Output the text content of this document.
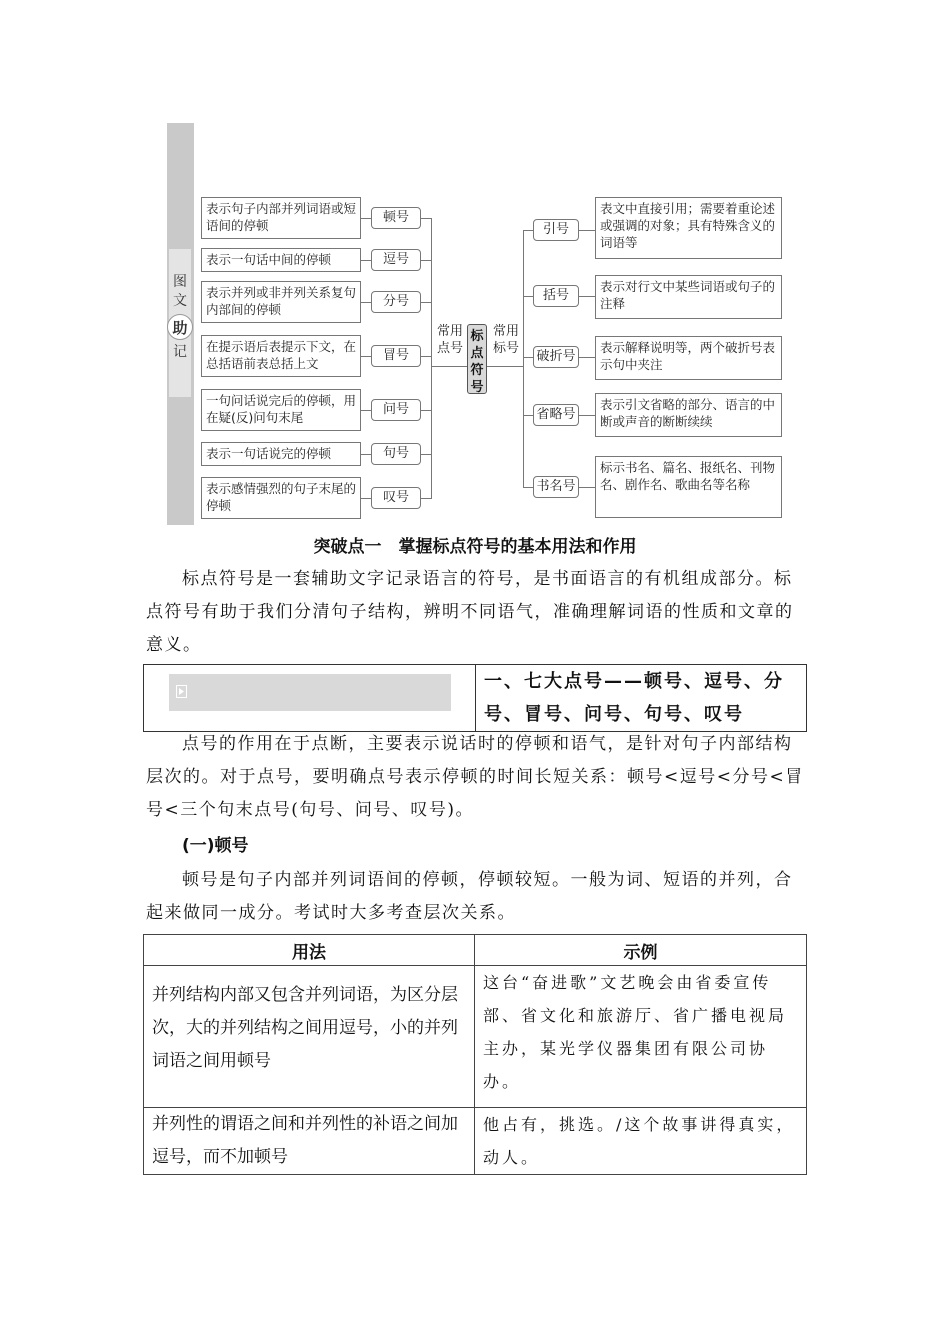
图
文
助
记
表示句子内部并列词语或短语间的停顿
表示一句话中间的停顿
表示并列或非并列关系复句内部间的停顿
在提示语后表提示下文，在总括语前表总括上文
一句问话说完后的停顿，用在疑(反)问句末尾
表示一句话说完的停顿
表示感情强烈的句子末尾的停顿
顿号
逗号
分号
冒号
问号
句号
叹号
常用
点号
标
点
符
号
常用
标号
引号
括号
破折号
省略号
书名号
表文中直接引用；需要着重论述或强调的对象；具有特殊含义的词语等
表示对行文中某些词语或句子的注释
表示解释说明等，两个破折号表示句中夹注
表示引文省略的部分、语言的中断或声音的断断续续
标示书名、篇名、报纸名、刊物名、剧作名、歌曲名等名称
突破点一　掌握标点符号的基本用法和作用
标点符号是一套辅助文字记录语言的符号，是书面语言的有机组成部分。标点符号有助于我们分清句子结构，辨明不同语气，准确理解词语的性质和文章的意义。
一、七大点号——顿号、逗号、分号、冒号、问号、句号、叹号
点号的作用在于点断，主要表示说话时的停顿和语气，是针对句子内部结构层次的。对于点号，要明确点号表示停顿的时间长短关系：顿号<逗号<分号<冒号<三个句末点号(句号、问号、叹号)。
(一)顿号
顿号是句子内部并列词语间的停顿，停顿较短。一般为词、短语的并列，合起来做同一成分。考试时大多考查层次关系。
用法	示例
并列结构内部又包含并列词语，为区分层次，大的并列结构之间用逗号，小的并列词语之间用顿号	这台“奋进歌”文艺晚会由省委宣传部、省文化和旅游厅、省广播电视局主办，某光学仪器集团有限公司协办。
并列性的谓语之间和并列性的补语之间加逗号，而不加顿号	他占有，挑选。/这个故事讲得真实，动人。
